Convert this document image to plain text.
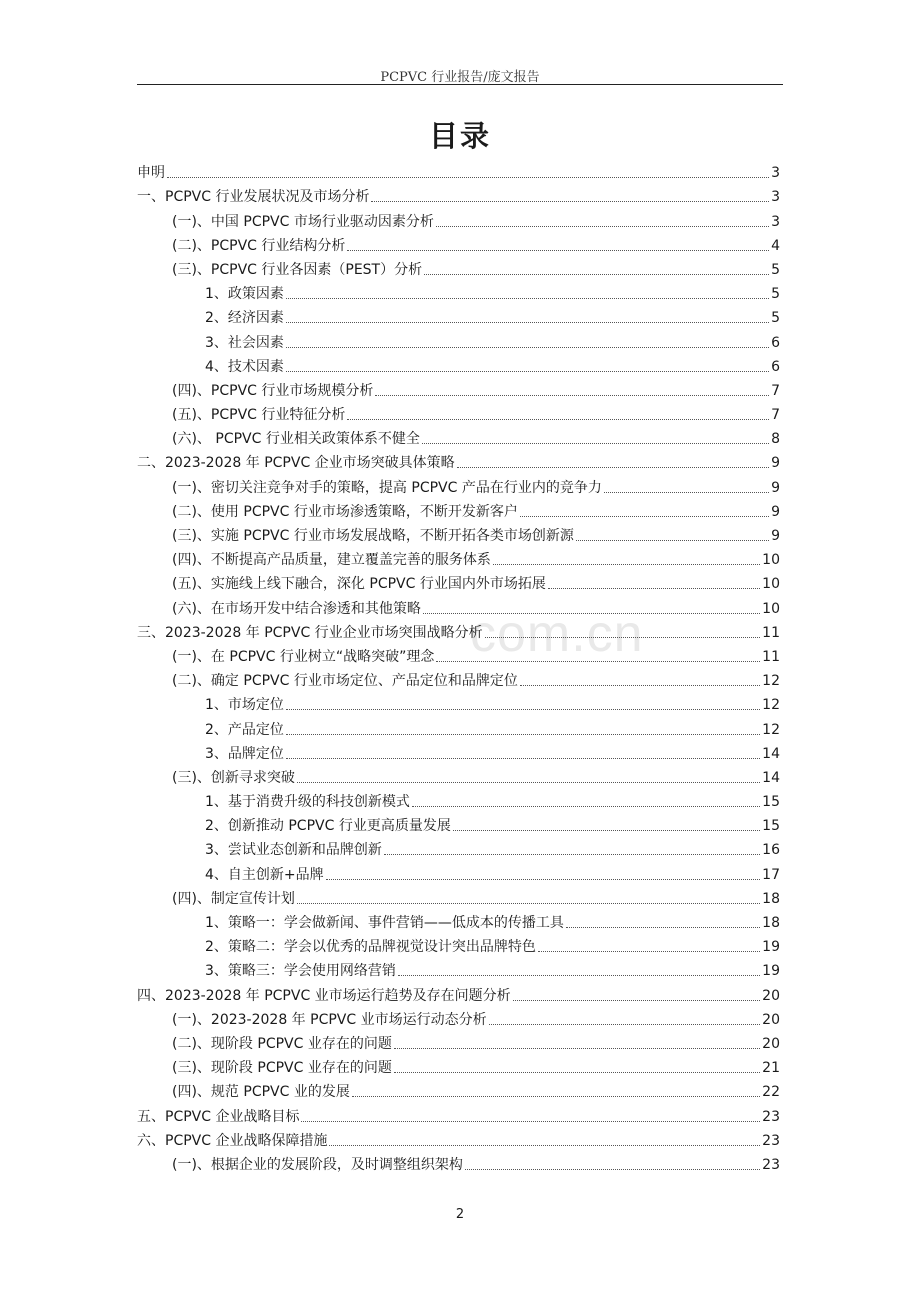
PCPVC 行业报告/庞文报告
目录
com.cn
申明	3
一、PCPVC 行业发展状况及市场分析	3
(一)、中国 PCPVC 市场行业驱动因素分析	3
(二)、PCPVC 行业结构分析	4
(三)、PCPVC 行业各因素（PEST）分析	5
1、政策因素	5
2、经济因素	5
3、社会因素	6
4、技术因素	6
(四)、PCPVC 行业市场规模分析	7
(五)、PCPVC 行业特征分析	7
(六)、 PCPVC 行业相关政策体系不健全	8
二、2023-2028 年 PCPVC 企业市场突破具体策略	9
(一)、密切关注竞争对手的策略，提高 PCPVC 产品在行业内的竞争力	9
(二)、使用 PCPVC 行业市场渗透策略，不断开发新客户	9
(三)、实施 PCPVC 行业市场发展战略，不断开拓各类市场创新源	9
(四)、不断提高产品质量，建立覆盖完善的服务体系	10
(五)、实施线上线下融合，深化 PCPVC 行业国内外市场拓展	10
(六)、在市场开发中结合渗透和其他策略	10
三、2023-2028 年 PCPVC 行业企业市场突围战略分析	11
(一)、在 PCPVC 行业树立“战略突破”理念	11
(二)、确定 PCPVC 行业市场定位、产品定位和品牌定位	12
1、市场定位	12
2、产品定位	12
3、品牌定位	14
(三)、创新寻求突破	14
1、基于消费升级的科技创新模式	15
2、创新推动 PCPVC 行业更高质量发展	15
3、尝试业态创新和品牌创新	16
4、自主创新+品牌	17
(四)、制定宣传计划	18
1、策略一：学会做新闻、事件营销——低成本的传播工具	18
2、策略二：学会以优秀的品牌视觉设计突出品牌特色	19
3、策略三：学会使用网络营销	19
四、2023-2028 年 PCPVC 业市场运行趋势及存在问题分析	20
(一)、2023-2028 年 PCPVC 业市场运行动态分析	20
(二)、现阶段 PCPVC 业存在的问题	20
(三)、现阶段 PCPVC 业存在的问题	21
(四)、规范 PCPVC 业的发展	22
五、PCPVC 企业战略目标	23
六、PCPVC 企业战略保障措施	23
(一)、根据企业的发展阶段，及时调整组织架构	23
2
